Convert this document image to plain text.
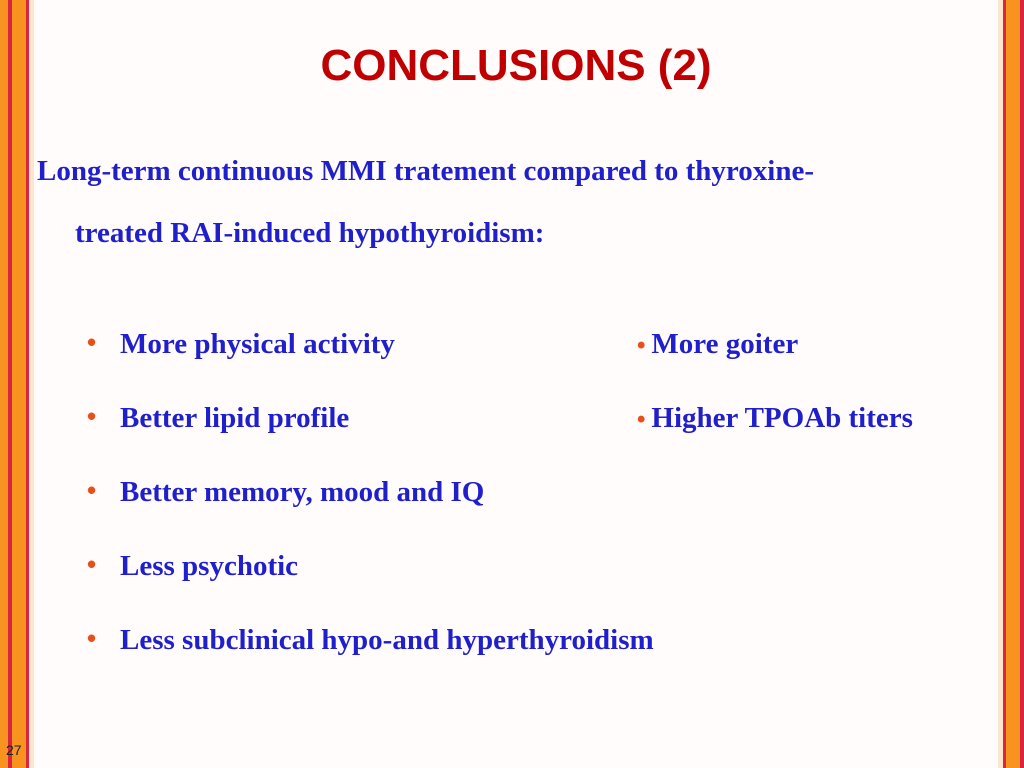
CONCLUSIONS (2)

Long-term continuous MMI tratement compared to thyroxine-
treated RAI-induced hypothyroidism:

• More physical activity
• Better lipid profile
• Better memory, mood and IQ
• Less psychotic
• Less subclinical hypo-and hyperthyroidism
• More goiter
• Higher TPOAb titers
27
